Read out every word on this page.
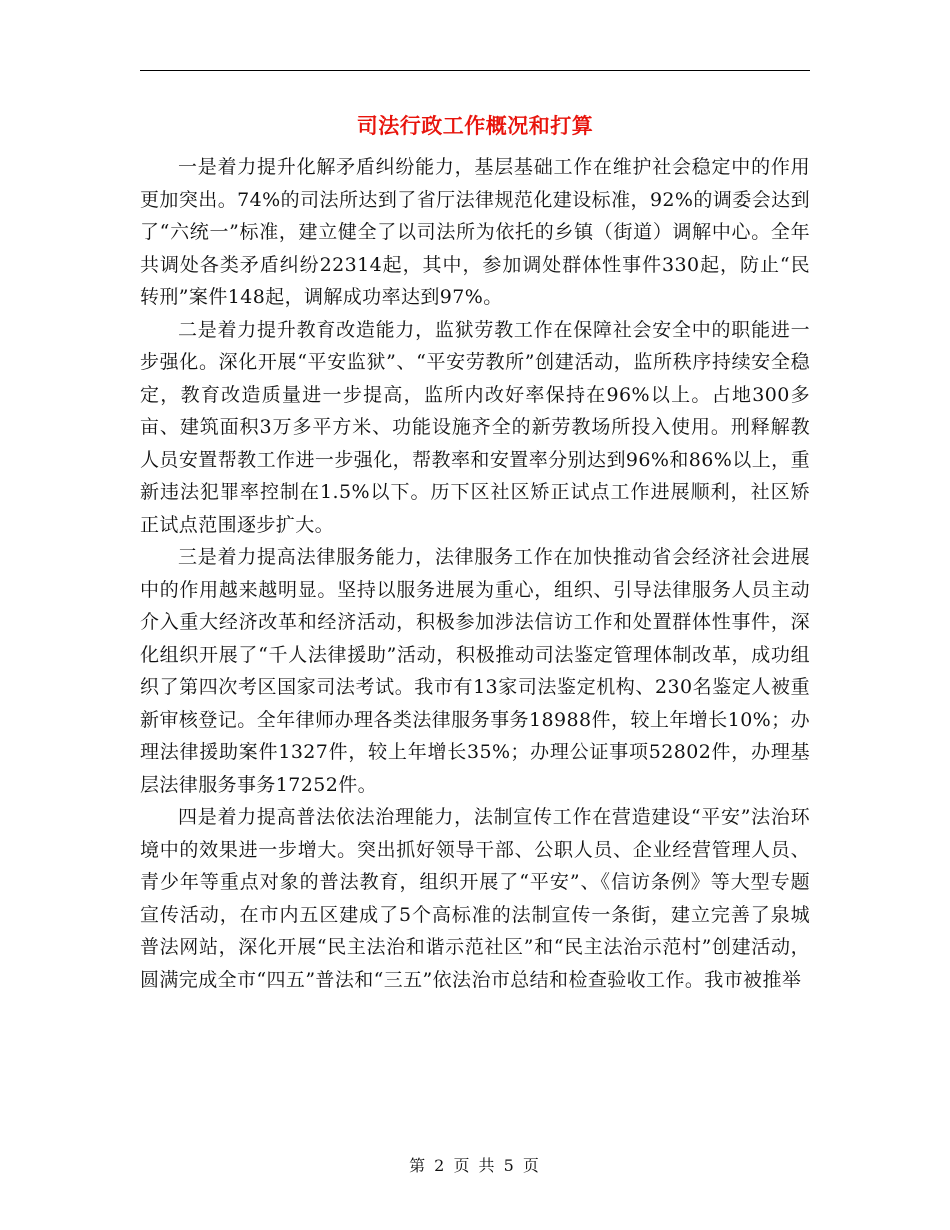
司法行政工作概况和打算

一是着力提升化解矛盾纠纷能力，基层基础工作在维护社会稳定中的作用更加突出。74%的司法所达到了省厅法律规范化建设标准，92%的调委会达到了“六统一”标准，建立健全了以司法所为依托的乡镇（街道）调解中心。全年共调处各类矛盾纠纷22314起，其中，参加调处群体性事件330起，防止“民转刑”案件148起，调解成功率达到97%。

二是着力提升教育改造能力，监狱劳教工作在保障社会安全中的职能进一步强化。深化开展“平安监狱”、“平安劳教所”创建活动，监所秩序持续安全稳定，教育改造质量进一步提高，监所内改好率保持在96%以上。占地300多亩、建筑面积3万多平方米、功能设施齐全的新劳教场所投入使用。刑释解教人员安置帮教工作进一步强化，帮教率和安置率分别达到96%和86%以上，重新违法犯罪率控制在1.5%以下。历下区社区矫正试点工作进展顺利，社区矫正试点范围逐步扩大。

三是着力提高法律服务能力，法律服务工作在加快推动省会经济社会进展中的作用越来越明显。坚持以服务进展为重心，组织、引导法律服务人员主动介入重大经济改革和经济活动，积极参加涉法信访工作和处置群体性事件，深化组织开展了“千人法律援助”活动，积极推动司法鉴定管理体制改革，成功组织了第四次考区国家司法考试。我市有13家司法鉴定机构、230名鉴定人被重新审核登记。全年律师办理各类法律服务事务18988件，较上年增长10%；办理法律援助案件1327件，较上年增长35%；办理公证事项52802件，办理基层法律服务事务17252件。

四是着力提高普法依法治理能力，法制宣传工作在营造建设“平安”法治环境中的效果进一步增大。突出抓好领导干部、公职人员、企业经营管理人员、青少年等重点对象的普法教育，组织开展了“平安”、《信访条例》等大型专题宣传活动，在市内五区建成了5个高标准的法制宣传一条街，建立完善了泉城普法网站，深化开展“民主法治和谐示范社区”和“民主法治示范村”创建活动，圆满完成全市“四五”普法和“三五”依法治市总结和检查验收工作。我市被推举

第 2 页 共 5 页
